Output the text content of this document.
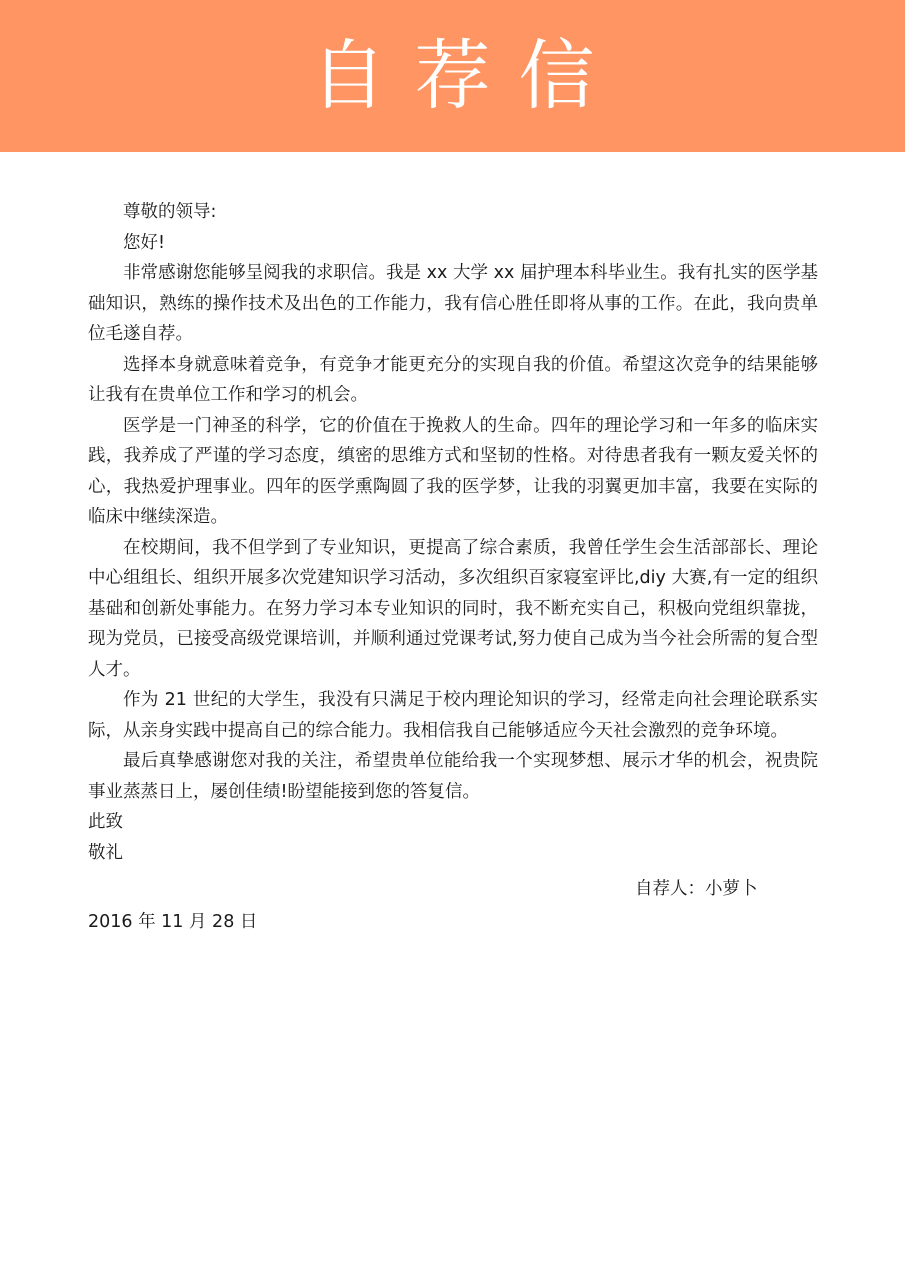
自荐信

尊敬的领导:

您好!

非常感谢您能够呈阅我的求职信。我是 xx 大学 xx 届护理本科毕业生。我有扎实的医学基础知识，熟练的操作技术及出色的工作能力，我有信心胜任即将从事的工作。在此，我向贵单位毛遂自荐。

选择本身就意味着竞争，有竞争才能更充分的实现自我的价值。希望这次竞争的结果能够让我有在贵单位工作和学习的机会。

医学是一门神圣的科学，它的价值在于挽救人的生命。四年的理论学习和一年多的临床实践，我养成了严谨的学习态度，缜密的思维方式和坚韧的性格。对待患者我有一颗友爱关怀的心，我热爱护理事业。四年的医学熏陶圆了我的医学梦，让我的羽翼更加丰富，我要在实际的临床中继续深造。

在校期间，我不但学到了专业知识，更提高了综合素质，我曾任学生会生活部部长、理论中心组组长、组织开展多次党建知识学习活动，多次组织百家寝室评比,diy 大赛,有一定的组织基础和创新处事能力。在努力学习本专业知识的同时，我不断充实自己，积极向党组织靠拢，现为党员，已接受高级党课培训，并顺利通过党课考试,努力使自己成为当今社会所需的复合型人才。

作为 21 世纪的大学生，我没有只满足于校内理论知识的学习，经常走向社会理论联系实际，从亲身实践中提高自己的综合能力。我相信我自己能够适应今天社会激烈的竞争环境。

最后真挚感谢您对我的关注，希望贵单位能给我一个实现梦想、展示才华的机会，祝贵院事业蒸蒸日上，屡创佳绩!盼望能接到您的答复信。

此致

敬礼

自荐人：小萝卜

2016 年 11 月 28 日
